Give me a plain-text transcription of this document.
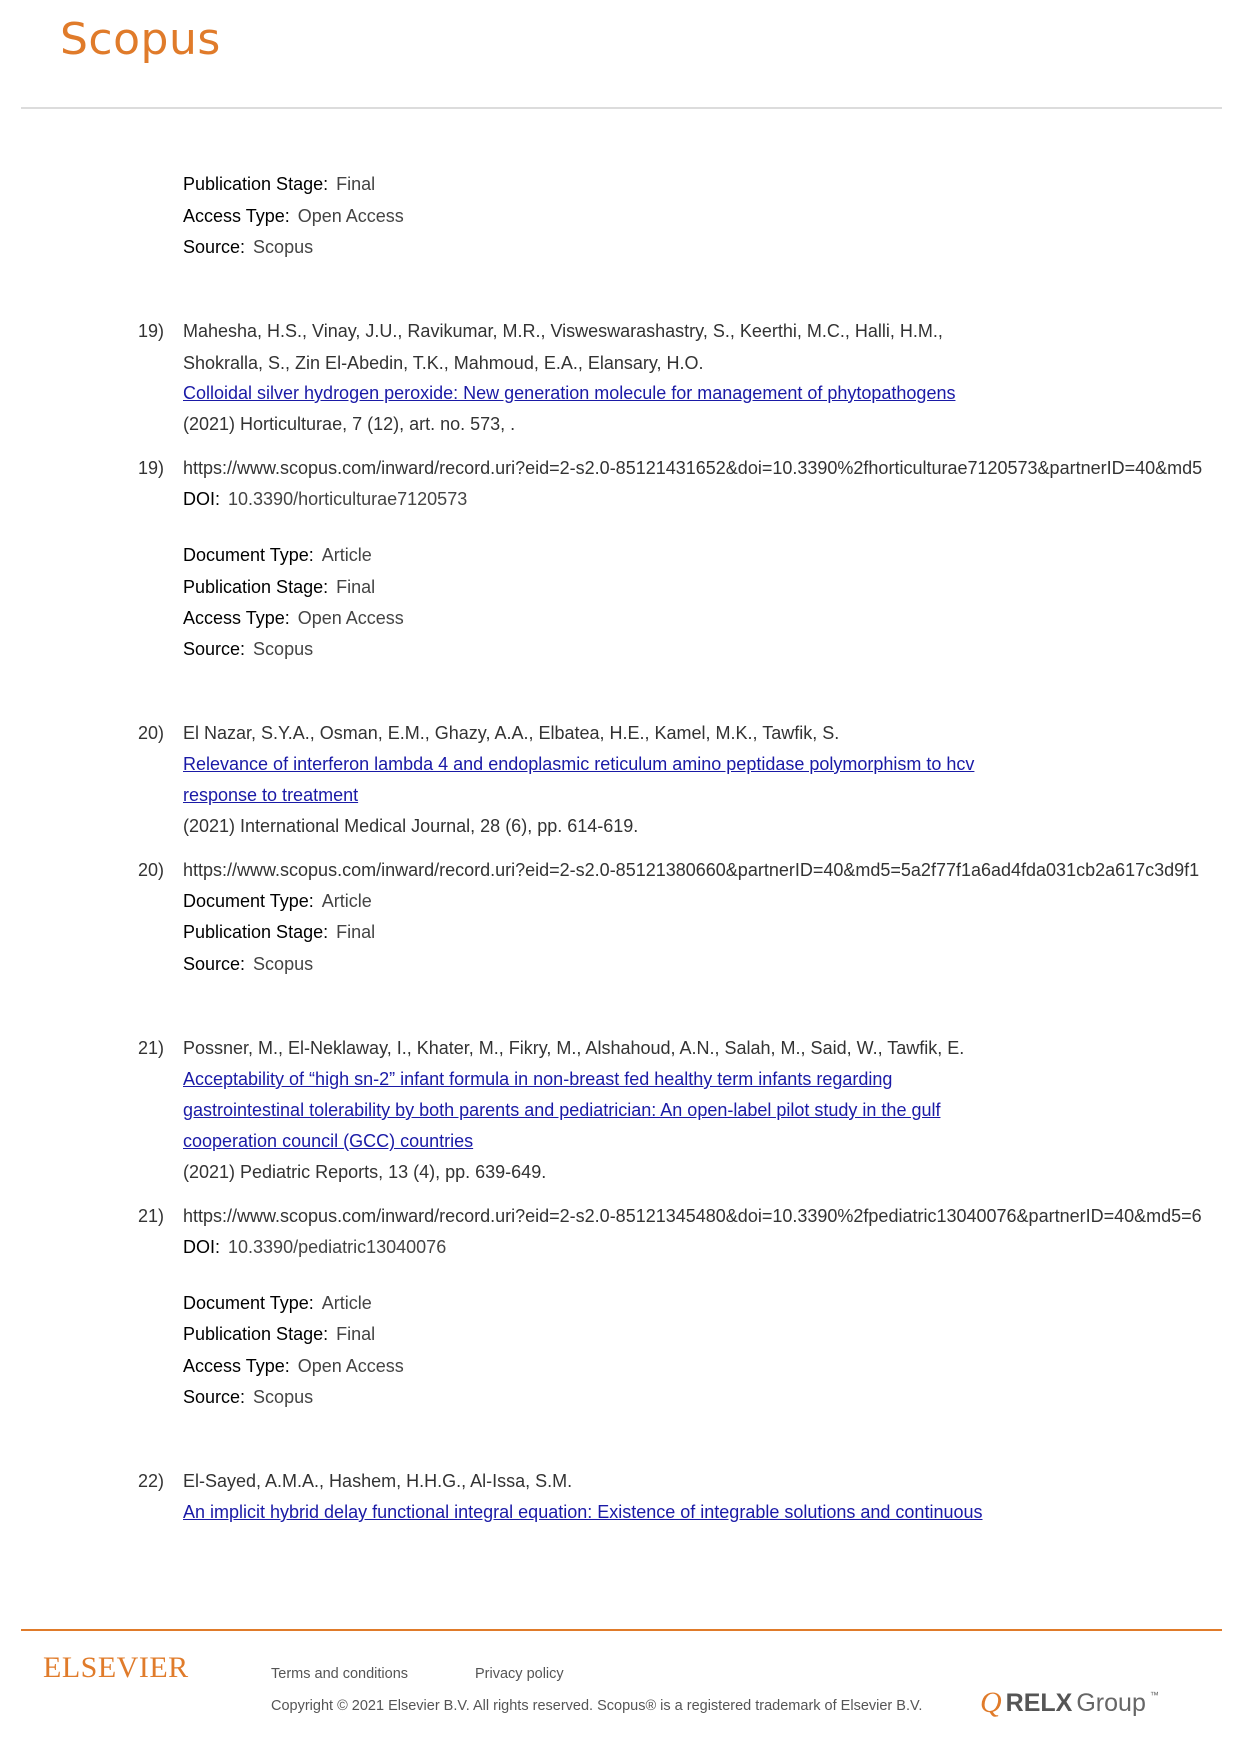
Scopus
Publication Stage: Final
Access Type: Open Access
Source: Scopus
19) Mahesha, H.S., Vinay, J.U., Ravikumar, M.R., Visweswarashastry, S., Keerthi, M.C., Halli, H.M.,
Shokralla, S., Zin El-Abedin, T.K., Mahmoud, E.A., Elansary, H.O.
Colloidal silver hydrogen peroxide: New generation molecule for management of phytopathogens
(2021) Horticulturae, 7 (12), art. no. 573, .
19) https://www.scopus.com/inward/record.uri?eid=2-s2.0-85121431652&doi=10.3390%2fhorticulturae7120573&partnerID=40&md5
DOI: 10.3390/horticulturae7120573
Document Type: Article
Publication Stage: Final
Access Type: Open Access
Source: Scopus
20) El Nazar, S.Y.A., Osman, E.M., Ghazy, A.A., Elbatea, H.E., Kamel, M.K., Tawfik, S.
Relevance of interferon lambda 4 and endoplasmic reticulum amino peptidase polymorphism to hcv
response to treatment
(2021) International Medical Journal, 28 (6), pp. 614-619.
20) https://www.scopus.com/inward/record.uri?eid=2-s2.0-85121380660&partnerID=40&md5=5a2f77f1a6ad4fda031cb2a617c3d9f1
Document Type: Article
Publication Stage: Final
Source: Scopus
21) Possner, M., El-Neklaway, I., Khater, M., Fikry, M., Alshahoud, A.N., Salah, M., Said, W., Tawfik, E.
Acceptability of “high sn-2” infant formula in non-breast fed healthy term infants regarding
gastrointestinal tolerability by both parents and pediatrician: An open-label pilot study in the gulf
cooperation council (GCC) countries
(2021) Pediatric Reports, 13 (4), pp. 639-649.
21) https://www.scopus.com/inward/record.uri?eid=2-s2.0-85121345480&doi=10.3390%2fpediatric13040076&partnerID=40&md5=6
DOI: 10.3390/pediatric13040076
Document Type: Article
Publication Stage: Final
Access Type: Open Access
Source: Scopus
22) El-Sayed, A.M.A., Hashem, H.H.G., Al-Issa, S.M.
An implicit hybrid delay functional integral equation: Existence of integrable solutions and continuous
ELSEVIER	Terms and conditions	Privacy policy
Copyright © 2021 Elsevier B.V. All rights reserved. Scopus® is a registered trademark of Elsevier B.V. Q RELX Group ™
